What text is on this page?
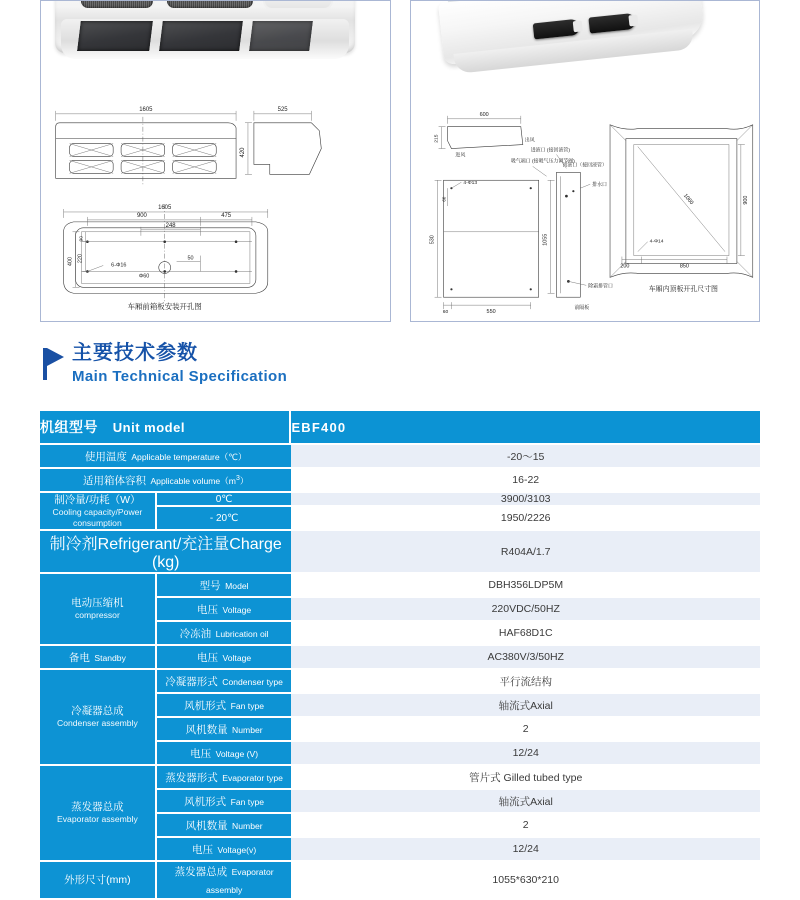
1605	525
420
1605
900	475
248
400 220
90
50
6-Φ16
Φ60
车厢前箱板安装开孔图
600
215
进风
出风
进液口 (接回液管)
吸气端口 (接吸气压力调节阀)
回液口（接回液管）
4-Φ13
530
60
550
60
1055
排水口
除霜排管口
前隔板
1060	900
850
200
4-Φ14
车厢内顶板开孔尺寸图
主要技术参数
Main Technical Specification
机组型号 Unit model		EBF400
使用温度 Applicable temperature（℃）		-20～15
适用箱体容积 Applicable $volume(m^3)$		16-22

制冷量/功耗（W）
Cooling capacity/Power consumption	0℃	3900/3103
	- 20℃	1950/2226
制冷剂Refrigerant/充注量Charge (kg)		R404A/1.7

电动压缩机
compressor	型号 Model	DBH356LDP5M
	电压 Voltage	220VDC/50HZ
	冷冻油 Lubrication oil	HAF68D1C
备电 Standby	电压 Voltage	AC380V/3/50HZ

冷凝器总成
Condenser assembly	冷凝器形式 Condenser type	平行流结构
	风机形式 Fan type	轴流式Axial
	风机数量 Number	2
	电压 Voltage (V)	12/24

蒸发器总成
Evaporator assembly	蒸发器形式 Evaporator type	管片式 Gilled tubed type
	风机形式 Fan type	轴流式Axial
	风机数量 Number	2
	电压 Voltage(v)	12/24

外形尺寸(mm)	蒸发器总成 Evaporator assembly	1055*630*210
